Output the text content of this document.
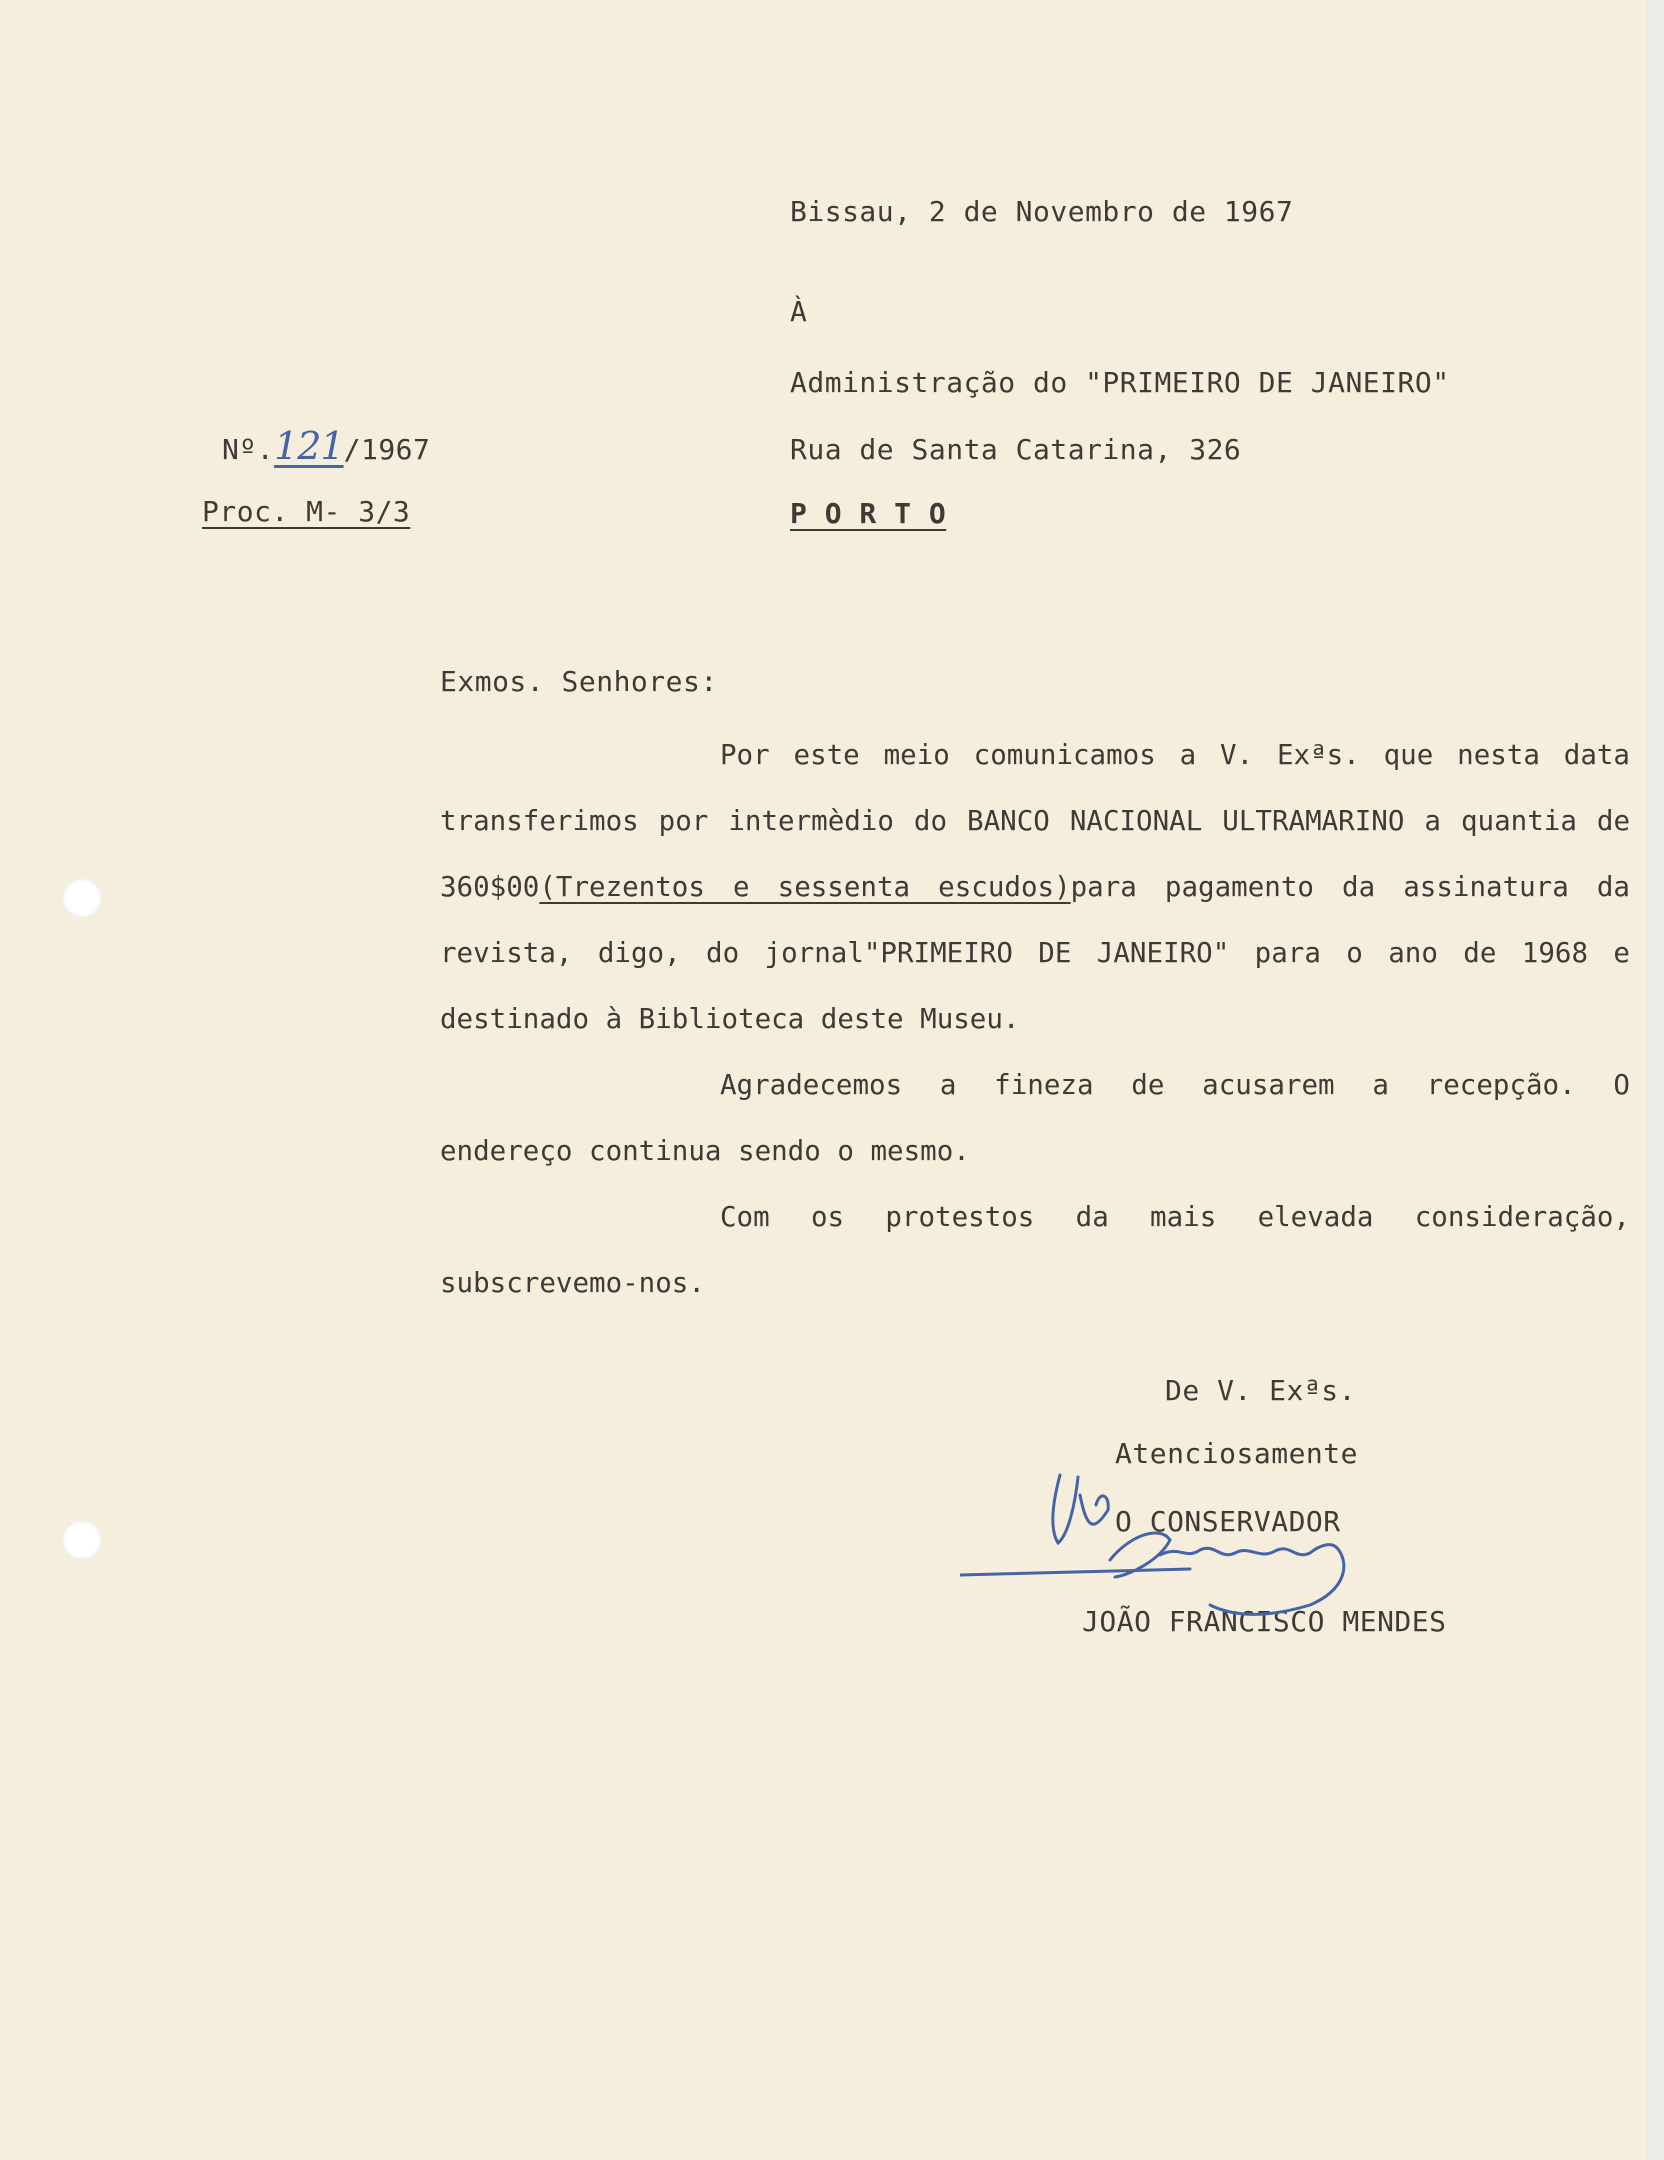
Bissau, 2 de Novembro de 1967
À
Administração do "PRIMEIRO DE JANEIRO"
Rua de Santa Catarina, 326
P O R T O
Nº.121/1967
Proc. M- 3/3
Exmos. Senhores:
Por este meio comunicamos a V. Exªs. que nesta data transferimos por intermèdio do BANCO NACIONAL ULTRAMARINO a quantia de 360$00(Trezentos e sessenta escudos)para pagamento da assinatura da revista, digo, do jornal"PRIMEIRO DE JANEIRO" para o ano de 1968 e destinado à Biblioteca deste Museu.
Agradecemos a fineza de acusarem a recepção. O endereço continua sendo o mesmo.
Com os protestos da mais elevada consideração, subscrevemo-nos.
De V. Exªs.
Atenciosamente
O CONSERVADOR
JOÃO FRANCISCO MENDES
